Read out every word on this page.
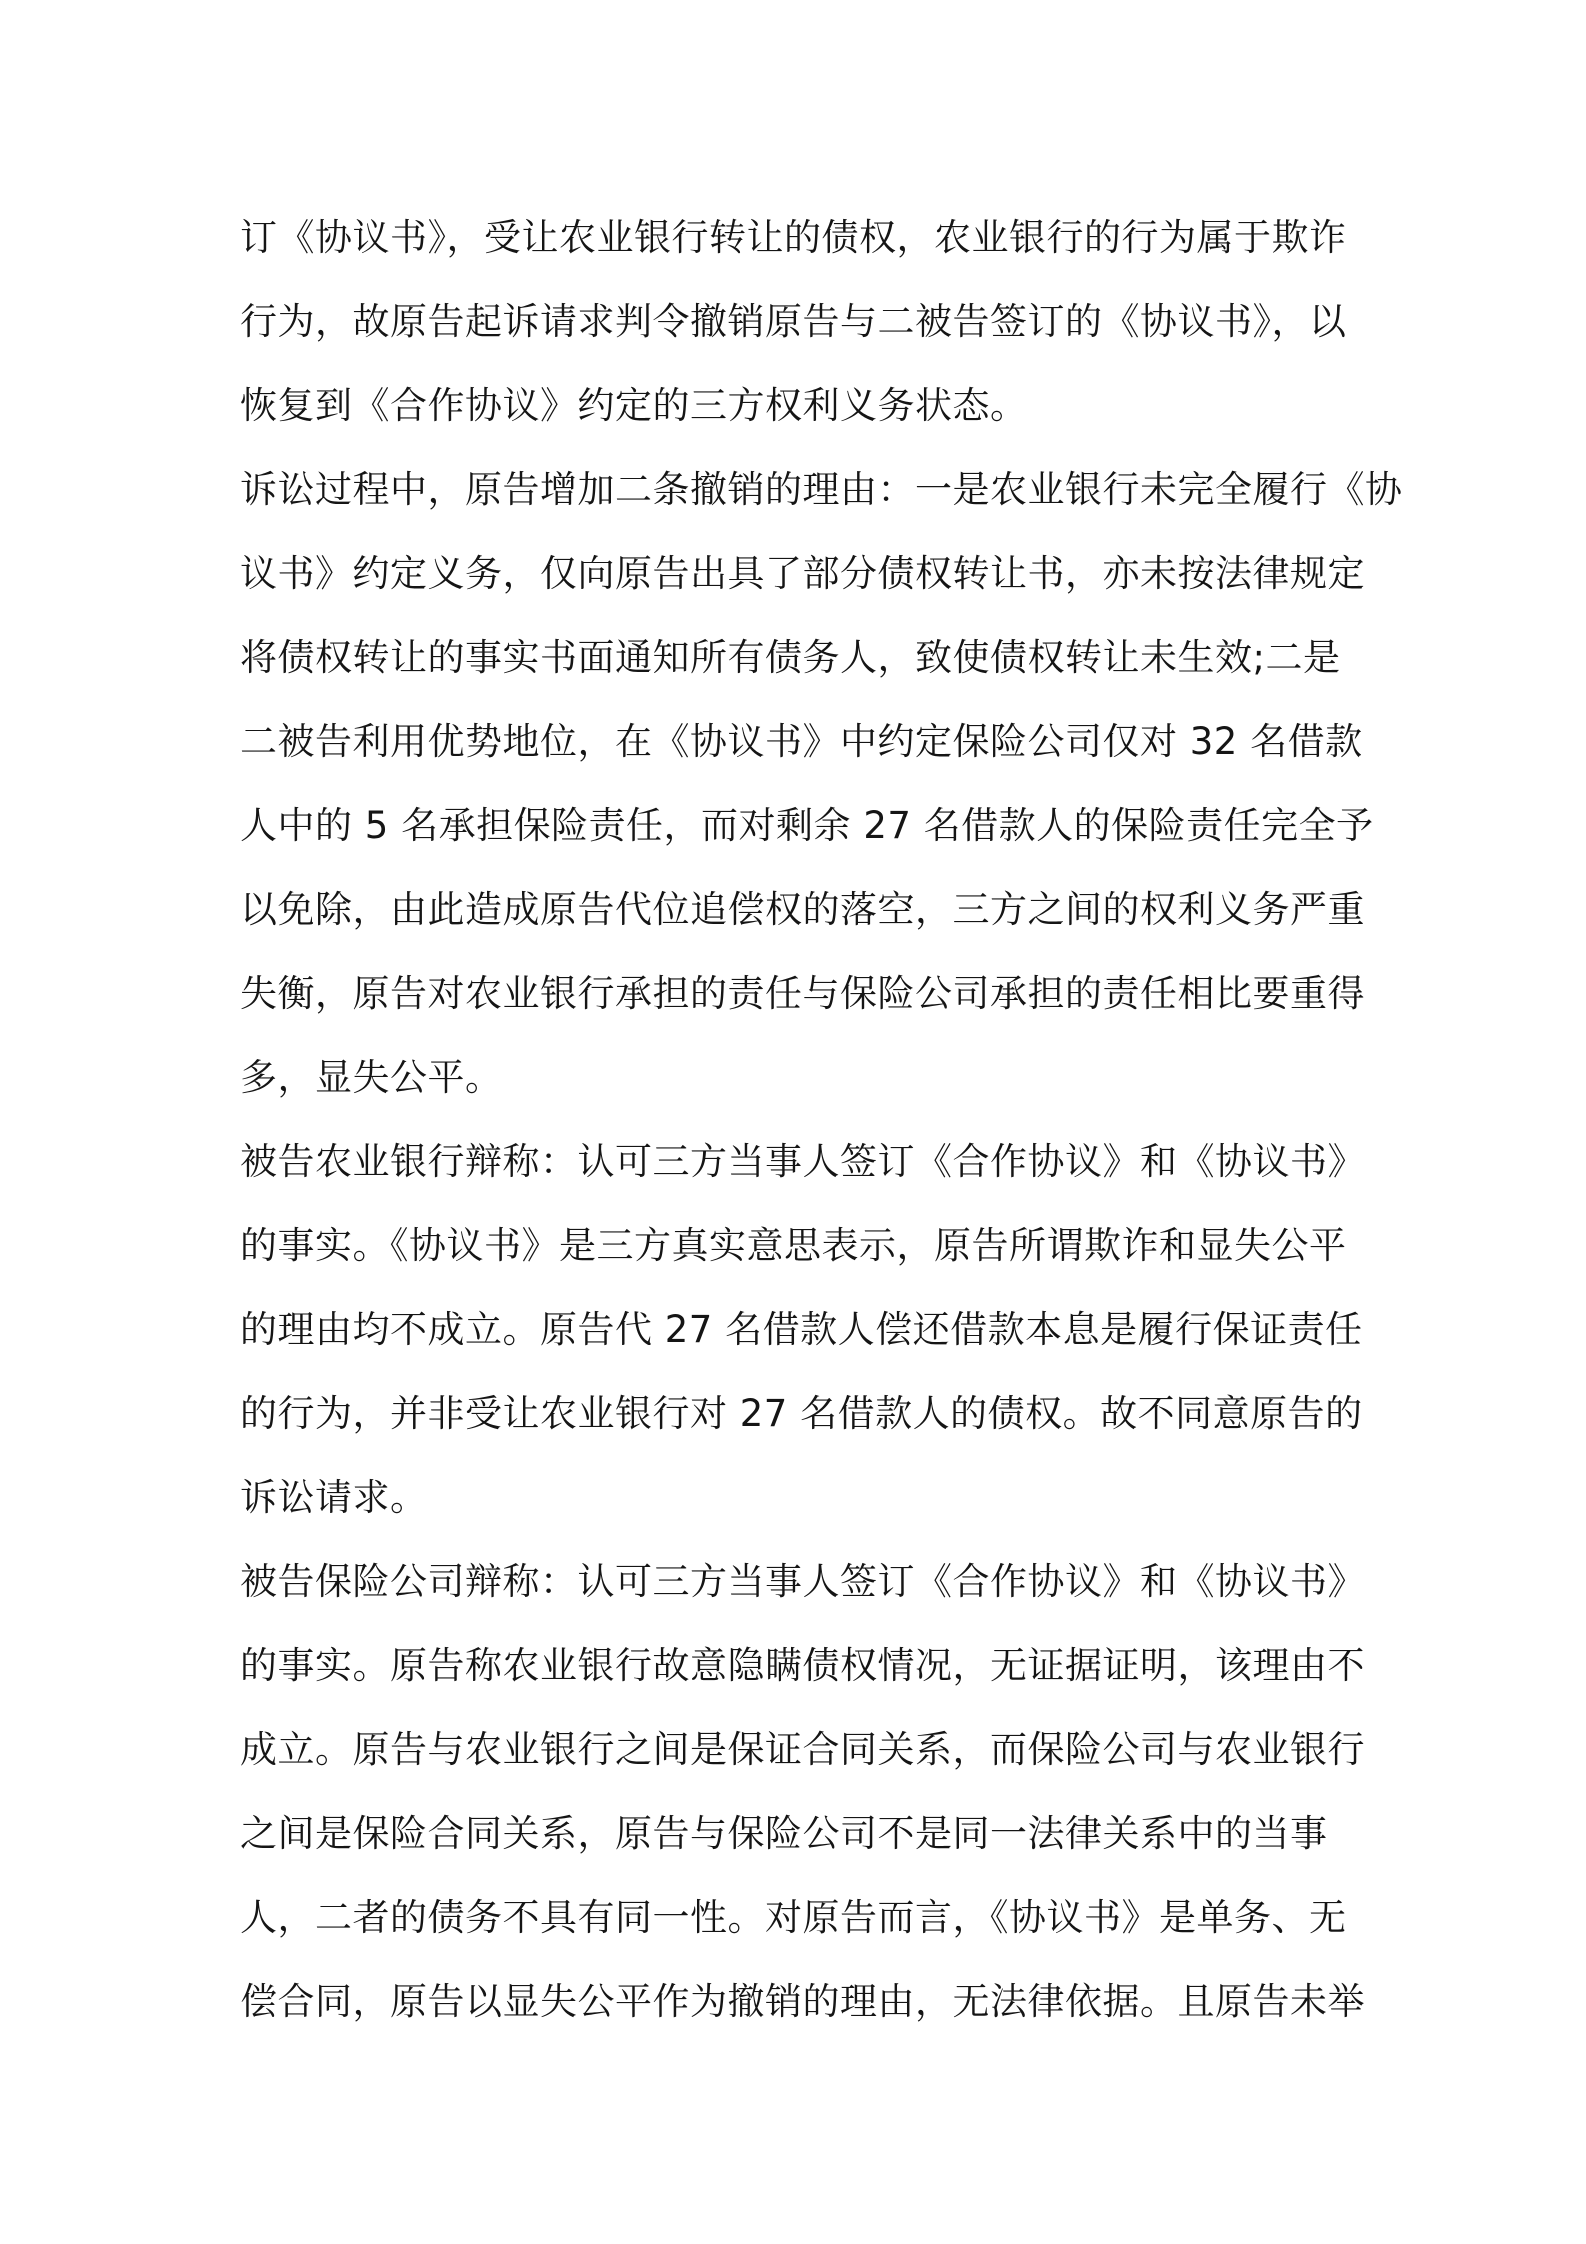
订《协议书》，受让农业银行转让的债权，农业银行的行为属于欺诈
行为，故原告起诉请求判令撤销原告与二被告签订的《协议书》，以
恢复到《合作协议》约定的三方权利义务状态。
诉讼过程中，原告增加二条撤销的理由：一是农业银行未完全履行《协
议书》约定义务，仅向原告出具了部分债权转让书，亦未按法律规定
将债权转让的事实书面通知所有债务人，致使债权转让未生效;二是
二被告利用优势地位，在《协议书》中约定保险公司仅对 32 名借款
人中的 5 名承担保险责任，而对剩余 27 名借款人的保险责任完全予
以免除，由此造成原告代位追偿权的落空，三方之间的权利义务严重
失衡，原告对农业银行承担的责任与保险公司承担的责任相比要重得
多，显失公平。
被告农业银行辩称：认可三方当事人签订《合作协议》和《协议书》
的事实。《协议书》是三方真实意思表示，原告所谓欺诈和显失公平
的理由均不成立。原告代 27 名借款人偿还借款本息是履行保证责任
的行为，并非受让农业银行对 27 名借款人的债权。故不同意原告的
诉讼请求。
被告保险公司辩称：认可三方当事人签订《合作协议》和《协议书》
的事实。原告称农业银行故意隐瞒债权情况，无证据证明，该理由不
成立。原告与农业银行之间是保证合同关系，而保险公司与农业银行
之间是保险合同关系，原告与保险公司不是同一法律关系中的当事
人，二者的债务不具有同一性。对原告而言，《协议书》是单务、无
偿合同，原告以显失公平作为撤销的理由，无法律依据。且原告未举
